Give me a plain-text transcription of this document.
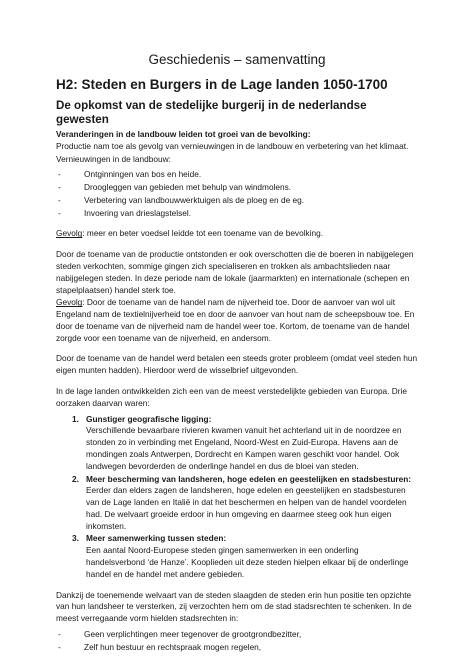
Geschiedenis – samenvatting
H2: Steden en Burgers in de Lage landen 1050-1700
De opkomst van de stedelijke burgerij in de nederlandse gewesten
Veranderingen in de landbouw leiden tot groei van de bevolking:

Productie nam toe als gevolg van vernieuwingen in de landbouw en verbetering van het klimaat.

Vernieuwingen in de landbouw:

-	Ontginningen van bos en heide.
-	Droogleggen van gebieden met behulp van windmolens.
-	Verbetering van landbouwwerktuigen als de ploeg en de eg.
-	Invoering van drieslagstelsel.

Gevolg: meer en beter voedsel leidde tot een toename van de bevolking.

Door de toename van de productie ontstonden er ook overschotten die de boeren in nabijgelegen steden verkochten, sommige gingen zich specialiseren en trokken als ambachtslieden naar nabijgelegen steden. In deze periode nam de lokale (jaarmarkten) en internationale (schepen en stapelplaatsen) handel sterk toe.

Gevolg: Door de toename van de handel nam de nijverheid toe. Door de aanvoer van wol uit Engeland nam de textielnijverheid toe en door de aanvoer van hout nam de scheepsbouw toe. En door de toename van de nijverheid nam de handel weer toe. Kortom, de toename van de handel zorgde voor een toename van de nijverheid, en andersom.

Door de toename van de handel werd betalen een steeds groter probleem (omdat veel steden hun eigen munten hadden). Hierdoor werd de wisselbrief uitgevonden.

In de lage landen ontwikkelden zich een van de meest verstedelijkte gebieden van Europa. Drie oorzaken daarvan waren:

1. Gunstiger geografische ligging:
Verschillende bevaarbare rivieren kwamen vanuit het achterland uit in de noordzee en stonden zo in verbinding met Engeland, Noord-West en Zuid-Europa. Havens aan de mondingen zoals Antwerpen, Dordrecht en Kampen waren geschikt voor handel. Ook landwegen bevorderden de onderlinge handel en dus de bloei van steden.
2. Meer bescherming van landsheren, hoge edelen en geestelijken en stadsbesturen:
Eerder dan elders zagen de landsheren, hoge edelen en geestelijken en stadsbesturen van de Lage landen en Italië in dat het beschermen en helpen van de handel voordelen had. De welvaart groeide erdoor in hun omgeving en daarmee steeg ook hun eigen inkomsten.
3. Meer samenwerking tussen steden:
Een aantal Noord-Europese steden gingen samenwerken in een onderling handelsverbond ‘de Hanze’. Kooplieden uit deze steden hielpen elkaar bij de onderlinge handel en de handel met andere gebieden.

Dankzij de toenemende welvaart van de steden slaagden de steden erin hun positie ten opzichte van hun landsheer te versterken, zij verzochten hem om de stad stadsrechten te schenken. In de meest verregaande vorm hielden stadsrechten in:

-	Geen verplichtingen meer tegenover de grootgrondbezitter,
-	Zelf hun bestuur en rechtspraak mogen regelen,
